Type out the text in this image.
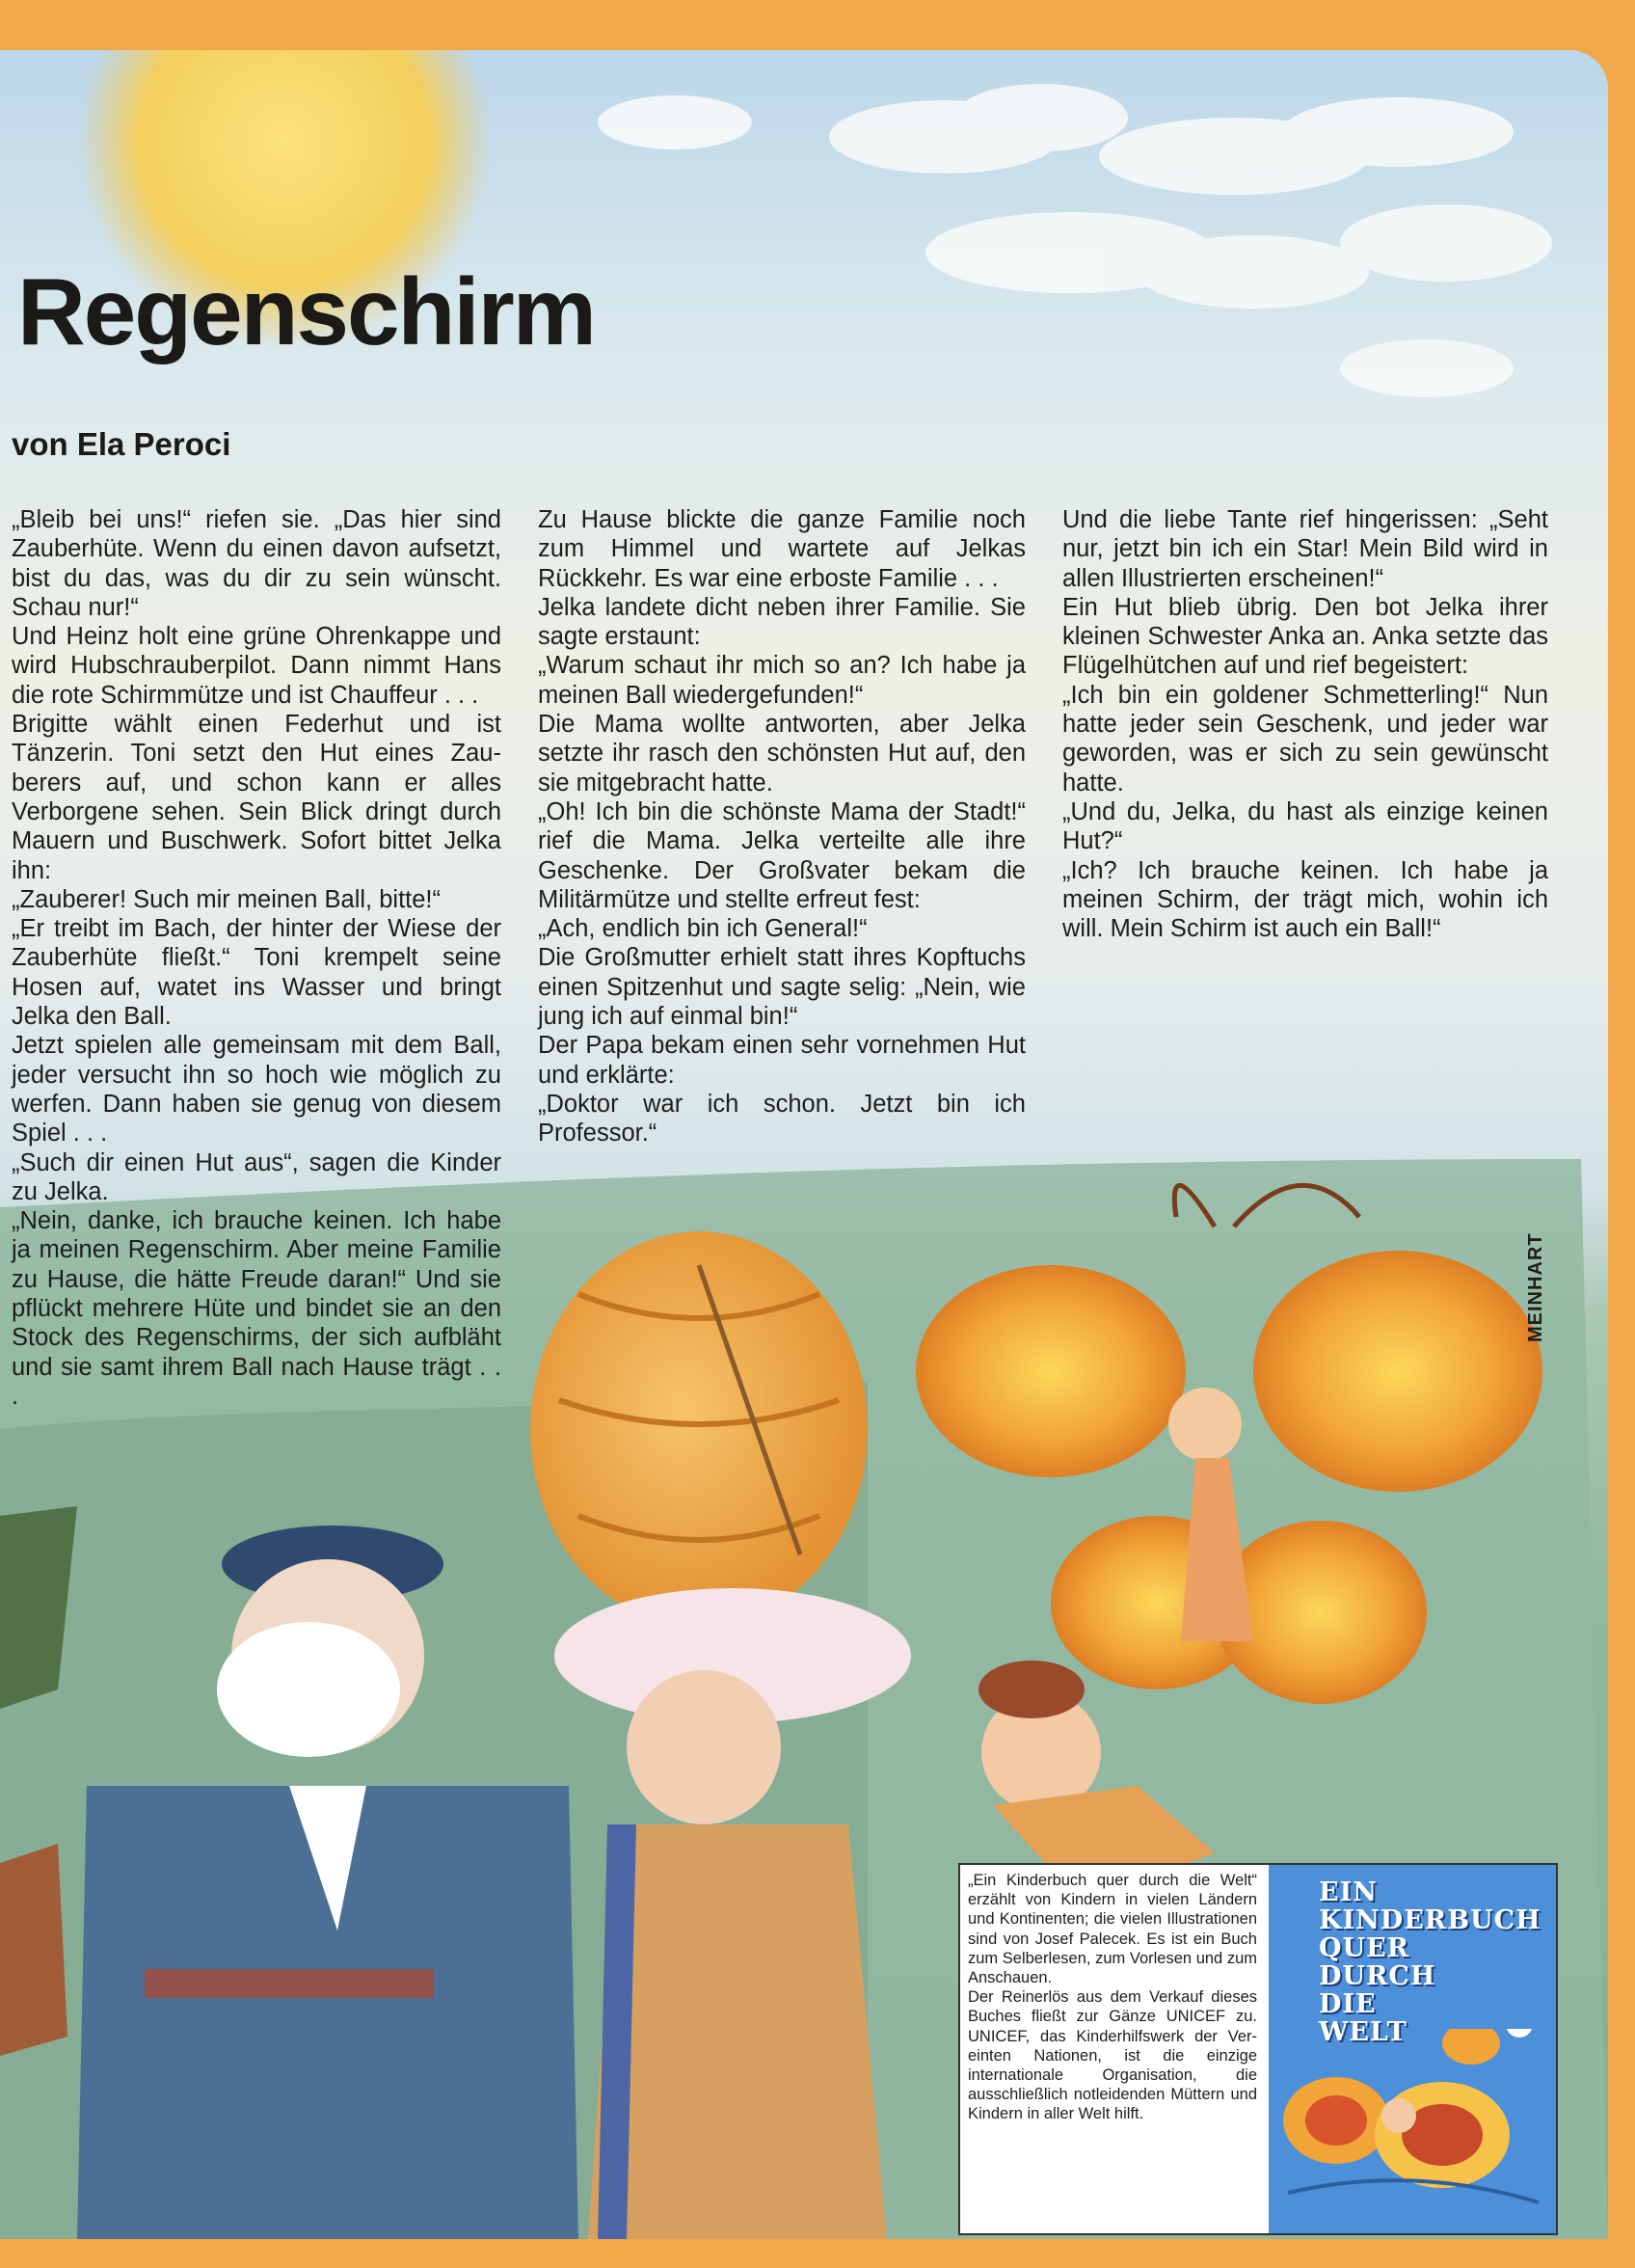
Regenschirm
von Ela Peroci

„Bleib bei uns!“ riefen sie. „Das hier sind Zauberhüte. Wenn du einen davon aufsetzt, bist du das, was du dir zu sein wünscht. Schau nur!“

Und Heinz holt eine grüne Ohrenkappe und wird Hubschrauberpilot. Dann nimmt Hans die rote Schirmmütze und ist Chauffeur . . .

Brigitte wählt einen Federhut und ist Tänzerin. Toni setzt den Hut eines Zauberers auf, und schon kann er alles Verborgene sehen. Sein Blick dringt durch Mauern und Buschwerk. Sofort bittet Jelka ihn:

„Zauberer! Such mir meinen Ball, bitte!“

„Er treibt im Bach, der hinter der Wiese der Zauberhüte fließt.“ Toni krempelt seine Hosen auf, watet ins Wasser und bringt Jelka den Ball.

Jetzt spielen alle gemeinsam mit dem Ball, jeder versucht ihn so hoch wie möglich zu werfen. Dann haben sie genug von diesem Spiel . . .

„Such dir einen Hut aus“, sagen die Kinder zu Jelka.

„Nein, danke, ich brauche keinen. Ich habe ja meinen Regenschirm. Aber meine Familie zu Hause, die hätte Freude daran!“ Und sie pflückt mehrere Hüte und bindet sie an den Stock des Regenschirms, der sich aufbläht und sie samt ihrem Ball nach Hause trägt . . .

Zu Hause blickte die ganze Familie noch zum Himmel und wartete auf Jelkas Rückkehr. Es war eine erboste Familie . . .

Jelka landete dicht neben ihrer Familie. Sie sagte erstaunt:

„Warum schaut ihr mich so an? Ich habe ja meinen Ball wiedergefunden!“

Die Mama wollte antworten, aber Jelka setzte ihr rasch den schönsten Hut auf, den sie mitgebracht hatte.

„Oh! Ich bin die schönste Mama der Stadt!“ rief die Mama. Jelka verteilte alle ihre Geschenke. Der Großvater bekam die Militärmütze und stellte erfreut fest:

„Ach, endlich bin ich General!“

Die Großmutter erhielt statt ihres Kopftuchs einen Spitzenhut und sagte selig: „Nein, wie jung ich auf einmal bin!“

Der Papa bekam einen sehr vornehmen Hut und erklärte:

„Doktor war ich schon. Jetzt bin ich Professor.“

Und die liebe Tante rief hingerissen: „Seht nur, jetzt bin ich ein Star! Mein Bild wird in allen Illustrierten erscheinen!“

Ein Hut blieb übrig. Den bot Jelka ihrer kleinen Schwester Anka an. Anka setzte das Flügelhütchen auf und rief begeistert:

„Ich bin ein goldener Schmetterling!“ Nun hatte jeder sein Geschenk, und jeder war geworden, was er sich zu sein gewünscht hatte.

„Und du, Jelka, du hast als einzige keinen Hut?“

„Ich? Ich brauche keinen. Ich habe ja meinen Schirm, der trägt mich, wohin ich will. Mein Schirm ist auch ein Ball!“

MEINHART

„Ein Kinderbuch quer durch die Welt“ erzählt von Kindern in vielen Ländern und Kontinenten; die vielen Illustrationen sind von Josef Palecek. Es ist ein Buch zum Selberlesen, zum Vorlesen und zum Anschauen.

Der Reinerlös aus dem Verkauf dieses Buches fließt zur Gänze UNICEF zu. UNICEF, das Kinderhilfswerk der Vereinten Nationen, ist die einzige internationale Organisation, die ausschließlich notleidenden Müttern und Kindern in aller Welt hilft.

EIN
KINDERBUCH
QUER
DURCH
DIE
WELT
